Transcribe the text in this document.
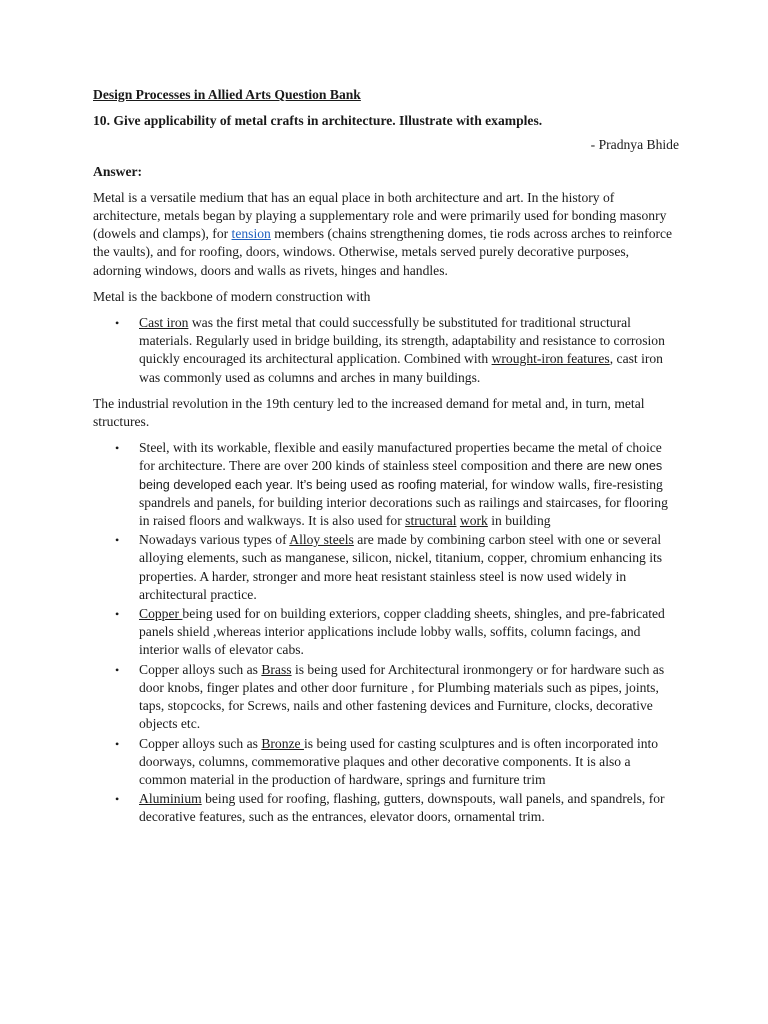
Design Processes in Allied Arts Question Bank
10. Give applicability of metal crafts in architecture. Illustrate with examples.
- Pradnya Bhide
Answer:

Metal is a versatile medium that has an equal place in both architecture and art. In the history of architecture, metals began by playing a supplementary role and were primarily used for bonding masonry (dowels and clamps), for tension members (chains strengthening domes, tie rods across arches to reinforce the vaults), and for roofing, doors, windows. Otherwise, metals served purely decorative purposes, adorning windows, doors and walls as rivets, hinges and handles.

Metal is the backbone of modern construction with

• Cast iron was the first metal that could successfully be substituted for traditional structural materials. Regularly used in bridge building, its strength, adaptability and resistance to corrosion quickly encouraged its architectural application. Combined with wrought-iron features, cast iron was commonly used as columns and arches in many buildings.

The industrial revolution in the 19th century led to the increased demand for metal and, in turn, metal structures.

• Steel, with its workable, flexible and easily manufactured properties became the metal of choice for architecture. There are over 200 kinds of stainless steel composition and there are new ones being developed each year. It’s being used as roofing material, for window walls, fire-resisting spandrels and panels, for building interior decorations such as railings and staircases, for flooring in raised floors and walkways. It is also used for structural work in building
• Nowadays various types of Alloy steels are made by combining carbon steel with one or several alloying elements, such as manganese, silicon, nickel, titanium, copper, chromium enhancing its properties. A harder, stronger and more heat resistant stainless steel is now used widely in architectural practice.
• Copper being used for on building exteriors, copper cladding sheets, shingles, and pre-fabricated panels shield ,whereas interior applications include lobby walls, soffits, column facings, and interior walls of elevator cabs.
• Copper alloys such as Brass is being used for Architectural ironmongery or for hardware such as door knobs, finger plates and other door furniture , for Plumbing materials such as pipes, joints, taps, stopcocks, for Screws, nails and other fastening devices and Furniture, clocks, decorative objects etc.
• Copper alloys such as Bronze is being used for casting sculptures and is often incorporated into doorways, columns, commemorative plaques and other decorative components. It is also a common material in the production of hardware, springs and furniture trim
• Aluminium being used for roofing, flashing, gutters, downspouts, wall panels, and spandrels, for decorative features, such as the entrances, elevator doors, ornamental trim.
